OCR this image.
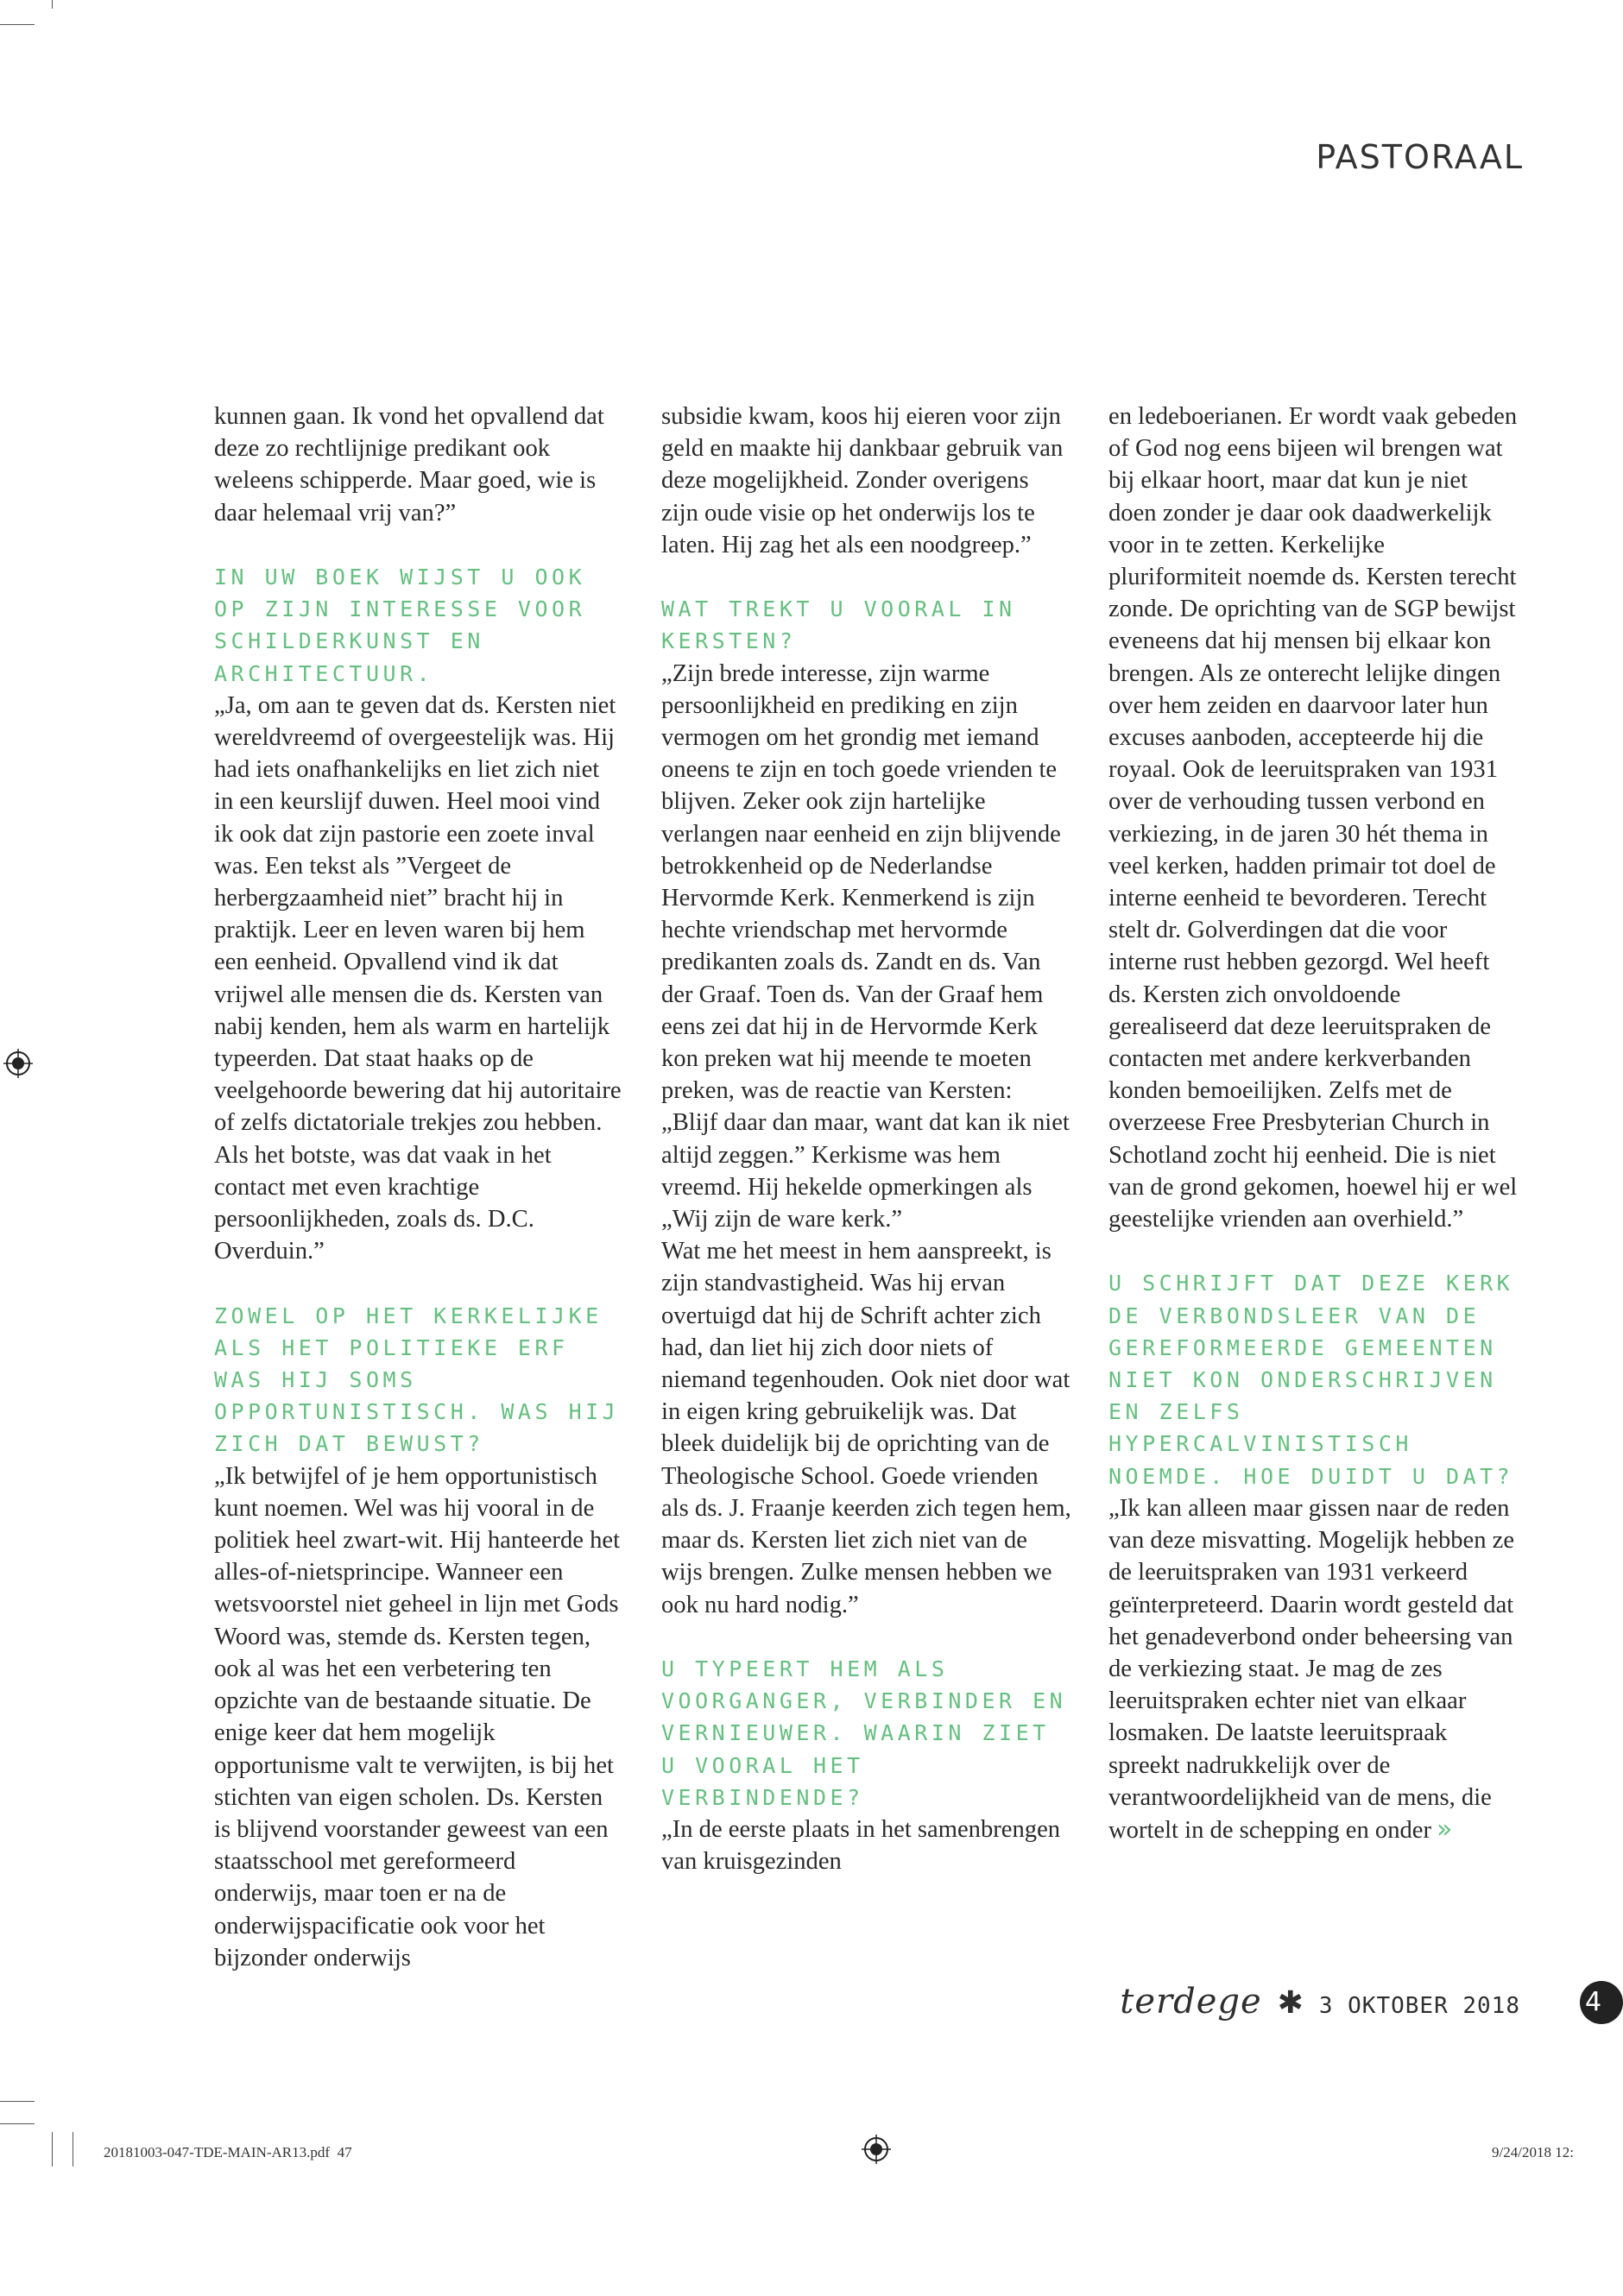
PASTORAAL

kunnen gaan. Ik vond het opvallend dat deze zo rechtlijnige predikant ook weleens schipperde. Maar goed, wie is daar helemaal vrij van?”

IN UW BOEK WIJST U OOK OP ZIJN INTERESSE VOOR SCHILDERKUNST EN ARCHITECTUUR.

„Ja, om aan te geven dat ds. Kersten niet wereldvreemd of overgeestelijk was. Hij had iets onafhankelijks en liet zich niet in een keurslijf duwen. Heel mooi vind ik ook dat zijn pastorie een zoete inval was. Een tekst als ”Vergeet de herbergzaamheid niet” bracht hij in praktijk. Leer en leven waren bij hem een eenheid. Opvallend vind ik dat vrijwel alle mensen die ds. Kersten van nabij kenden, hem als warm en hartelijk typeerden. Dat staat haaks op de veelgehoorde bewering dat hij autoritaire of zelfs dictatoriale trekjes zou hebben. Als het botste, was dat vaak in het contact met even krachtige persoonlijkheden, zoals ds. D.C. Overduin.”

ZOWEL OP HET KERKELIJKE ALS HET POLITIEKE ERF WAS HIJ SOMS OPPORTUNISTISCH. WAS HIJ ZICH DAT BEWUST?

„Ik betwijfel of je hem opportunistisch kunt noemen. Wel was hij vooral in de politiek heel zwart-wit. Hij hanteerde het alles-of-nietsprincipe. Wanneer een wetsvoorstel niet geheel in lijn met Gods Woord was, stemde ds. Kersten tegen, ook al was het een verbetering ten opzichte van de bestaande situatie. De enige keer dat hem mogelijk opportunisme valt te verwijten, is bij het stichten van eigen scholen. Ds. Kersten is blijvend voorstander geweest van een staatsschool met gereformeerd onderwijs, maar toen er na de onderwijspacificatie ook voor het bijzonder onderwijs

subsidie kwam, koos hij eieren voor zijn geld en maakte hij dankbaar gebruik van deze mogelijkheid. Zonder overigens zijn oude visie op het onderwijs los te laten. Hij zag het als een noodgreep.”

WAT TREKT U VOORAL IN KERSTEN?

„Zijn brede interesse, zijn warme persoonlijkheid en prediking en zijn vermogen om het grondig met iemand oneens te zijn en toch goede vrienden te blijven. Zeker ook zijn hartelijke verlangen naar eenheid en zijn blijvende betrokkenheid op de Nederlandse Hervormde Kerk. Kenmerkend is zijn hechte vriendschap met hervormde predikanten zoals ds. Zandt en ds. Van der Graaf. Toen ds. Van der Graaf hem eens zei dat hij in de Hervormde Kerk kon preken wat hij meende te moeten preken, was de reactie van Kersten: „Blijf daar dan maar, want dat kan ik niet altijd zeggen.” Kerkisme was hem vreemd. Hij hekelde opmerkingen als „Wij zijn de ware kerk.”

Wat me het meest in hem aanspreekt, is zijn standvastigheid. Was hij ervan overtuigd dat hij de Schrift achter zich had, dan liet hij zich door niets of niemand tegenhouden. Ook niet door wat in eigen kring gebruikelijk was. Dat bleek duidelijk bij de oprichting van de Theologische School. Goede vrienden als ds. J. Fraanje keerden zich tegen hem, maar ds. Kersten liet zich niet van de wijs brengen. Zulke mensen hebben we ook nu hard nodig.”

U TYPEERT HEM ALS VOORGANGER, VERBINDER EN VERNIEUWER. WAARIN ZIET U VOORAL HET VERBINDENDE?

„In de eerste plaats in het samenbrengen van kruisgezinden

en ledeboerianen. Er wordt vaak gebeden of God nog eens bijeen wil brengen wat bij elkaar hoort, maar dat kun je niet doen zonder je daar ook daadwerkelijk voor in te zetten. Kerkelijke pluriformiteit noemde ds. Kersten terecht zonde. De oprichting van de SGP bewijst eveneens dat hij mensen bij elkaar kon brengen. Als ze onterecht lelijke dingen over hem zeiden en daarvoor later hun excuses aanboden, accepteerde hij die royaal. Ook de leeruitspraken van 1931 over de verhouding tussen verbond en verkiezing, in de jaren 30 hét thema in veel kerken, hadden primair tot doel de interne eenheid te bevorderen. Terecht stelt dr. Golverdingen dat die voor interne rust hebben gezorgd. Wel heeft ds. Kersten zich onvoldoende gerealiseerd dat deze leeruitspraken de contacten met andere kerkverbanden konden bemoeilijken. Zelfs met de overzeese Free Presbyterian Church in Schotland zocht hij eenheid. Die is niet van de grond gekomen, hoewel hij er wel geestelijke vrienden aan overhield.”

U SCHRIJFT DAT DEZE KERK DE VERBONDSLEER VAN DE GEREFORMEERDE GEMEENTEN NIET KON ONDERSCHRIJVEN EN ZELFS HYPERCALVINISTISCH NOEMDE. HOE DUIDT U DAT?

„Ik kan alleen maar gissen naar de reden van deze misvatting. Mogelijk hebben ze de leeruitspraken van 1931 verkeerd geïnterpreteerd. Daarin wordt gesteld dat het genadeverbond onder beheersing van de verkiezing staat. Je mag de zes leeruitspraken echter niet van elkaar losmaken. De laatste leeruitspraak spreekt nadrukkelijk over de verantwoordelijkheid van de mens, die wortelt in de schepping en onder »

terdege ✱ 3 OKTOBER 2018	4
20181003-047-TDE-MAIN-AR13.pdf 47	9/24/2018 12:
